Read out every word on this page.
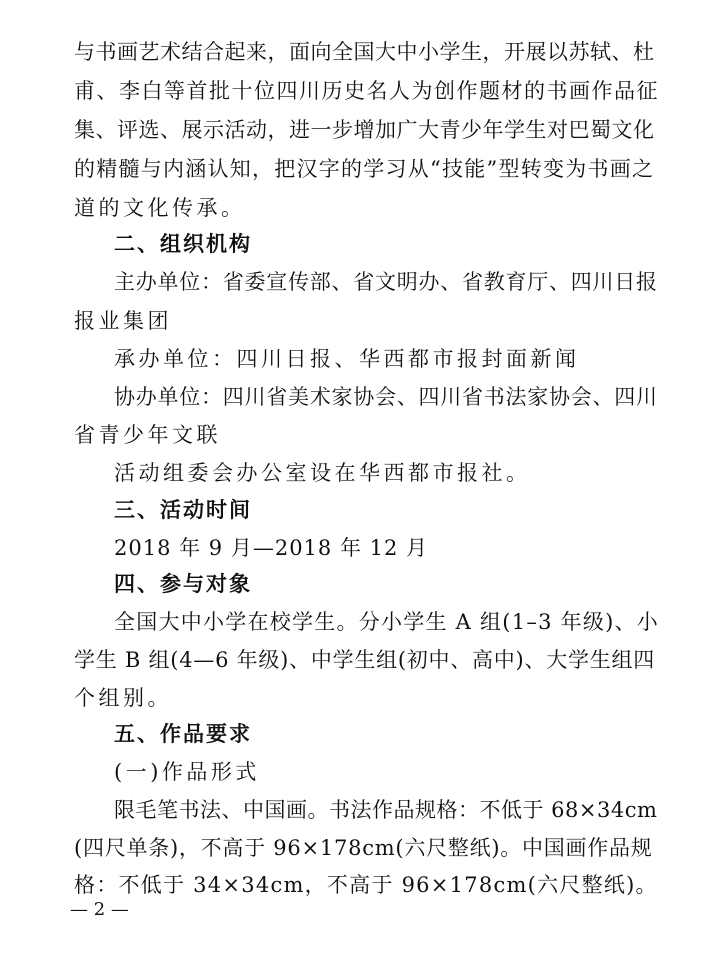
与书画艺术结合起来，面向全国大中小学生，开展以苏轼、杜
甫、李白等首批十位四川历史名人为创作题材的书画作品征
集、评选、展示活动，进一步增加广大青少年学生对巴蜀文化
的精髓与内涵认知，把汉字的学习从“技能”型转变为书画之
道的文化传承。
二、组织机构
主办单位：省委宣传部、省文明办、省教育厅、四川日报
报业集团
承办单位：四川日报、华西都市报封面新闻
协办单位：四川省美术家协会、四川省书法家协会、四川
省青少年文联
活动组委会办公室设在华西都市报社。
三、活动时间
2018 年 9 月—2018 年 12 月
四、参与对象
全国大中小学在校学生。分小学生 A 组(1–3 年级)、小
学生 B 组(4—6 年级)、中学生组(初中、高中)、大学生组四
个组别。
五、作品要求
(一)作品形式
限毛笔书法、中国画。书法作品规格：不低于 68×34cm
(四尺单条)，不高于 96×178cm(六尺整纸)。中国画作品规
格：不低于 34×34cm，不高于 96×178cm(六尺整纸)。
— 2 —
